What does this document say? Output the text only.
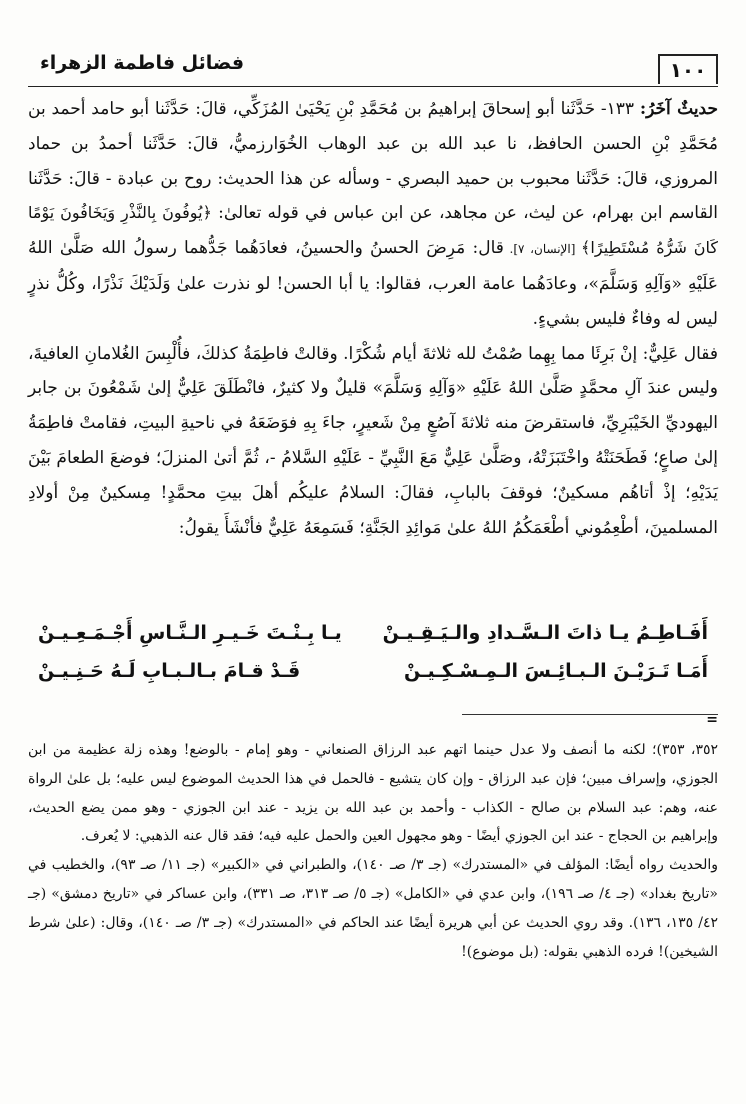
١٠٠
فضائل فاطمة الزهراء

حديثٌ آخَرُ: ١٣٣- حَدَّثَنا أبو إسحاقَ إبراهيمُ بن مُحَمَّدِ بْنِ يَحْيَىٰ المُزَكِّي، قالَ: حَدَّثَنا أبو حامد أحمد بن مُحَمَّدِ بْنِ الحسن الحافظ، نا عبد الله بن عبد الوهاب الخُوَارزميُّ، قالَ: حَدَّثَنا أحمدُ بن حماد المروزي، قالَ: حَدَّثَنا محبوب بن حميد البصري - وسأله عن هذا الحديث: روح بن عبادة - قالَ: حَدَّثَنا القاسم ابن بهرام، عن ليث، عن مجاهد، عن ابن عباس في قوله تعالىٰ: ﴿يُوفُونَ بِالنَّذْرِ وَيَخَافُونَ يَوْمًا كَانَ شَرُّهُ مُسْتَطِيرًا﴾ [الإنسان، ٧]. قال: مَرِضَ الحسنُ والحسينُ، فعادَهُما جَدُّهما رسولُ الله صَلَّىٰ اللهُ عَلَيْهِ «وَآلِهِ وَسَلَّمَ»، وعادَهُما عامة العرب، فقالوا: يا أبا الحسن! لو نذرت علىٰ وَلَدَيْكَ نَذْرًا، وكُلُّ نذرٍ ليس له وفاءٌ فليس بشيءٍ.

فقال عَلِيٌّ: إنْ بَرِئَا مما بِهِما صُمْتُ لله ثلاثةَ أيام شُكْرًا. وقالتْ فاطِمَةُ كذلكَ، فأُلْبِسَ الغُلامانِ العافيةَ، وليس عندَ آلِ محمَّدٍ صَلَّىٰ اللهُ عَلَيْهِ «وَآلِهِ وَسَلَّمَ» قليلٌ ولا كثيرٌ، فانْطَلَقَ عَلِيٌّ إلىٰ شَمْعُونَ بن جابر اليهوديِّ الخَيْبَرِيِّ، فاستقرضَ منه ثلاثةَ آصُعٍ مِنْ شَعيرٍ، جاءَ بِهِ فوَضَعَهُ في ناحيةِ البيتِ، فقامتْ فاطِمَةُ إلىٰ صاعٍ؛ فَطَحَنَتْهُ واخْتَبَزَتْهُ، وصَلَّىٰ عَلِيٌّ مَعَ النَّبِيِّ - عَلَيْهِ السَّلامُ -، ثُمَّ أتىٰ المنزلَ؛ فوضعَ الطعامَ بَيْنَ يَدَيْهِ؛ إذْ أتاهُم مسكينٌ؛ فوقفَ بالبابِ، فقالَ: السلامُ عليكُم أهلَ بيتِ محمَّدٍ! مِسكينٌ مِنْ أولادِ المسلمينَ، أطْعِمُوني أطْعَمَكُمُ اللهُ علىٰ مَوائِدِ الجَنَّةِ؛ فَسَمِعَهُ عَلِيٌّ فأنْشَأَ يقولُ:

أَفَـاطِـمُ يـا ذاتَ الـسَّـدادِ والـيَـقِـيـنْ
يـا بِـنْـتَ خَـيـرِ الـنَّـاسِ أَجْـمَـعِـيـنْ
أَمَـا تَـرَيْـنَ الـبـائِـسَ الـمِـسْـكِـيـنْ
قَـدْ قـامَ بـالـبـابِ لَـهُ حَـنِـيـنْ
=

٣٥٢، ٣٥٣)؛ لكنه ما أنصف ولا عدل حينما اتهم عبد الرزاق الصنعاني - وهو إمام - بالوضع! وهذه زلة عظيمة من ابن الجوزي، وإسراف مبين؛ فإن عبد الرزاق - وإن كان يتشيع - فالحمل في هذا الحديث الموضوع ليس عليه؛ بل علىٰ الرواة عنه، وهم: عبد السلام بن صالح - الكذاب - وأحمد بن عبد الله بن يزيد - عند ابن الجوزي - وهو ممن يضع الحديث، وإبراهيم بن الحجاج - عند ابن الجوزي أيضًا - وهو مجهول العين والحمل عليه فيه؛ فقد قال عنه الذهبي: لا يُعرف.

والحديث رواه أيضًا: المؤلف في «المستدرك» (جـ ٣/ صـ ١٤٠)، والطبراني في «الكبير» (جـ ١١/ صـ ٩٣)، والخطيب في «تاريخ بغداد» (جـ ٤/ صـ ١٩٦)، وابن عدي في «الكامل» (جـ ٥/ صـ ٣١٣، صـ ٣٣١)، وابن عساكر في «تاريخ دمشق» (جـ ٤٢/ ١٣٥، ١٣٦). وقد روي الحديث عن أبي هريرة أيضًا عند الحاكم في «المستدرك» (جـ ٣/ صـ ١٤٠)، وقال: (علىٰ شرط الشيخين)! فرده الذهبي بقوله: (بل موضوع)!
